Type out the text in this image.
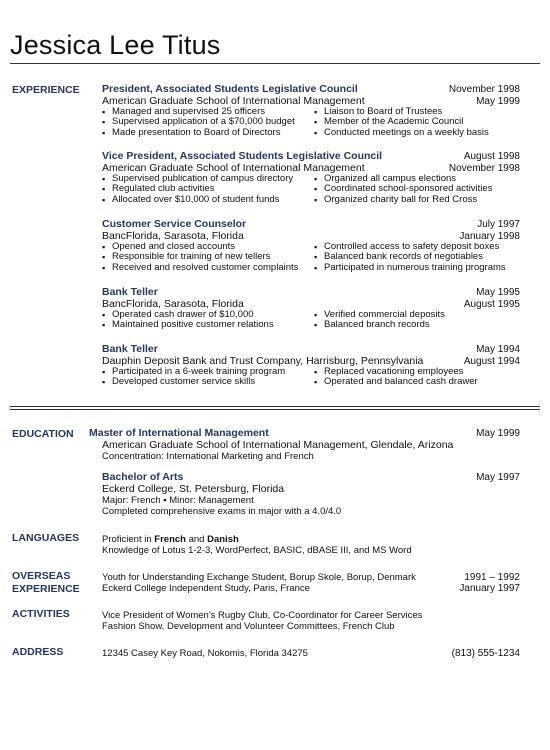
Jessica Lee Titus
EXPERIENCE President, Associated Students Legislative Council	November 1998
American Graduate School of International Management	May 1999
▪ Managed and supervised 25 officers
▪ Supervised application of a $70,000 budget
▪ Made presentation to Board of Directors
▪ Liaison to Board of Trustees
▪ Member of the Academic Council
▪ Conducted meetings on a weekly basis
Vice President, Associated Students Legislative Council	August 1998
American Graduate School of International Management	November 1998
▪ Supervised publication of campus directory
▪ Regulated club activities
▪ Allocated over $10,000 of student funds
▪ Organized all campus elections
▪ Coordinated school-sponsored activities
▪ Organized charity ball for Red Cross
Customer Service Counselor	July 1997
BancFlorida, Sarasota, Florida	January 1998
▪ Opened and closed accounts
▪ Responsible for training of new tellers
▪ Received and resolved customer complaints
▪ Controlled access to safety deposit boxes
▪ Balanced bank records of negotiables
▪ Participated in numerous training programs
Bank Teller	May 1995
BancFlorida, Sarasota, Florida	August 1995
▪ Operated cash drawer of $10,000
▪ Maintained positive customer relations
▪ Verified commercial deposits
▪ Balanced branch records
Bank Teller	May 1994
Dauphin Deposit Bank and Trust Company, Harrisburg, Pennsylvania	August 1994
▪ Participated in a 6-week training program
▪ Developed customer service skills
▪ Replaced vacationing employees
▪ Operated and balanced cash drawer
EDUCATION Master of International Management	May 1999
American Graduate School of International Management, Glendale, Arizona
Concentration: International Marketing and French
Bachelor of Arts	May 1997
Eckerd College, St. Petersburg, Florida
Major: French ▪ Minor: Management
Completed comprehensive exams in major with a 4.0/4.0
LANGUAGES Proficient in French and Danish
Knowledge of Lotus 1-2-3, WordPerfect, BASIC, dBASE III, and MS Word
OVERSEAS
EXPERIENCE
Youth for Understanding Exchange Student, Borup Skole, Borup, Denmark	1991 – 1992
Eckerd College Independent Study, Paris, France	January 1997
ACTIVITIES	Vice President of Women's Rugby Club, Co-Coordinator for Career Services
Fashion Show, Development and Volunteer Committees, French Club
ADDRESS	12345 Casey Key Road, Nokomis, Florida 34275	(813) 555-1234
